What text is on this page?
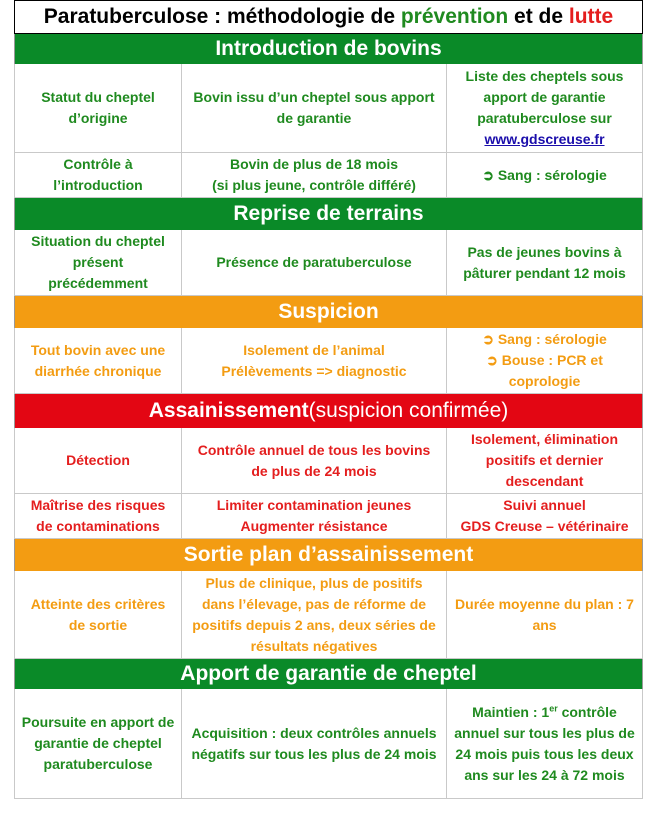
Paratuberculose : méthodologie de prévention et de lutte
Introduction de bovins
Statut du cheptel d’origine
Bovin issu d’un cheptel sous apport de garantie
Liste des cheptels sous apport de garantie paratuberculose sur
www.gdscreuse.fr
Contrôle à l’introduction
Bovin de plus de 18 mois
(si plus jeune, contrôle différé)
➲ Sang : sérologie
Reprise de terrains
Situation du cheptel présent précédemment
Présence de paratuberculose
Pas de jeunes bovins à pâturer pendant 12 mois
Suspicion
Tout bovin avec une diarrhée chronique
Isolement de l’animal
Prélèvements => diagnostic
➲ Sang : sérologie
➲ Bouse : PCR et coprologie
Assainissement (suspicion confirmée)
Détection
Contrôle annuel de tous les bovins de plus de 24 mois
Isolement, élimination positifs et dernier descendant
Maîtrise des risques de contaminations
Limiter contamination jeunes
Augmenter résistance
Suivi annuel
GDS Creuse – vétérinaire
Sortie plan d’assainissement
Atteinte des critères de sortie
Plus de clinique, plus de positifs dans l’élevage, pas de réforme de positifs depuis 2 ans, deux séries de résultats négatives
Durée moyenne du plan : 7 ans
Apport de garantie de cheptel
Poursuite en apport de garantie de cheptel paratuberculose
Acquisition : deux contrôles annuels négatifs sur tous les plus de 24 mois
Maintien : 1er contrôle annuel sur tous les plus de 24 mois puis tous les deux ans sur les 24 à 72 mois
